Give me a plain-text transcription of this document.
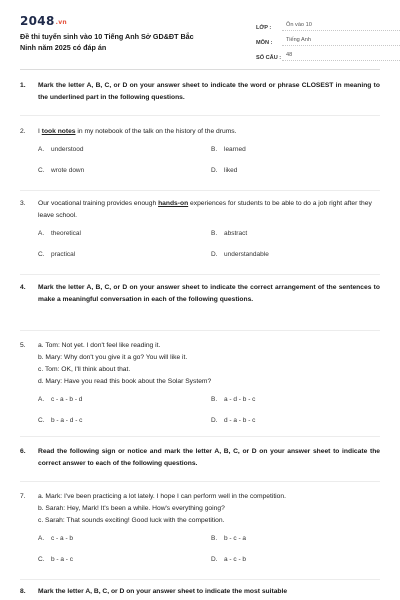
2048.vn
Đề thi tuyển sinh vào 10 Tiếng Anh Sở GD&ĐT Bắc Ninh năm 2025 có đáp án
LỚP :	Ôn vào 10
MÔN :	Tiếng Anh
SỐ CÂU : 48
1.	Mark the letter A, B, C, or D on your answer sheet to indicate the word or phrase CLOSEST in meaning to the underlined part in the following questions.
2.	I took notes in my notebook of the talk on the history of the drums.
A.	understood	B.	learned
C.	wrote down	D.	liked
3.	Our vocational training provides enough hands-on experiences for students to be able to do a job right after they leave school.
A.	theoretical	B.	abstract
C.	practical	D.	understandable
4.	Mark the letter A, B, C, or D on your answer sheet to indicate the correct arrangement of the sentences to make a meaningful conversation in each of the following questions.
5.	a. Tom: Not yet. I don't feel like reading it.
b. Mary: Why don't you give it a go? You will like it.
c. Tom: OK, I'll think about that.
d. Mary: Have you read this book about the Solar System?
A.	c - a - b - d	B.	a - d - b - c
C.	b - a - d - c	D.	d - a - b - c
6.	Read the following sign or notice and mark the letter A, B, C, or D on your answer sheet to indicate the correct answer to each of the following questions.
7.	a. Mark: I've been practicing a lot lately. I hope I can perform well in the competition.
b. Sarah: Hey, Mark! It's been a while. How's everything going?
c. Sarah: That sounds exciting! Good luck with the competition.
A.	c - a - b	B.	b - c - a
C.	b - a - c	D.	a - c - b
8.	Mark the letter A, B, C, or D on your answer sheet to indicate the most suitable
